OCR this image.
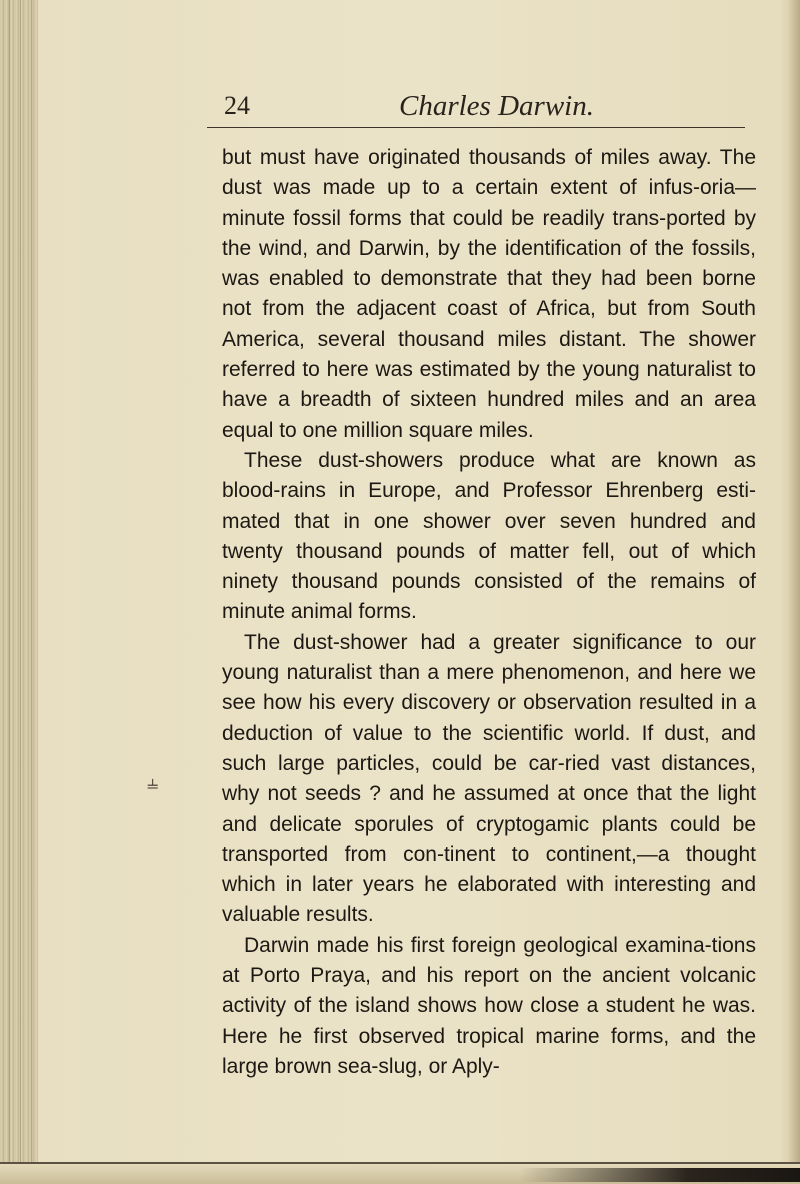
24	Charles Darwin.

but must have originated thousands of miles away. The dust was made up to a certain extent of infus-oria—minute fossil forms that could be readily trans-ported by the wind, and Darwin, by the identification of the fossils, was enabled to demonstrate that they had been borne not from the adjacent coast of Africa, but from South America, several thousand miles distant. The shower referred to here was estimated by the young naturalist to have a breadth of sixteen hundred miles and an area equal to one million square miles.

These dust-showers produce what are known as blood-rains in Europe, and Professor Ehrenberg esti-mated that in one shower over seven hundred and twenty thousand pounds of matter fell, out of which ninety thousand pounds consisted of the remains of minute animal forms.

The dust-shower had a greater significance to our young naturalist than a mere phenomenon, and here we see how his every discovery or observation resulted in a deduction of value to the scientific world. If dust, and such large particles, could be car-ried vast distances, why not seeds ? and he assumed at once that the light and delicate sporules of cryptogamic plants could be transported from con-tinent to continent,—a thought which in later years he elaborated with interesting and valuable results.

Darwin made his first foreign geological examina-tions at Porto Praya, and his report on the ancient volcanic activity of the island shows how close a student he was. Here he first observed tropical marine forms, and the large brown sea-slug, or Aply-

⫨
